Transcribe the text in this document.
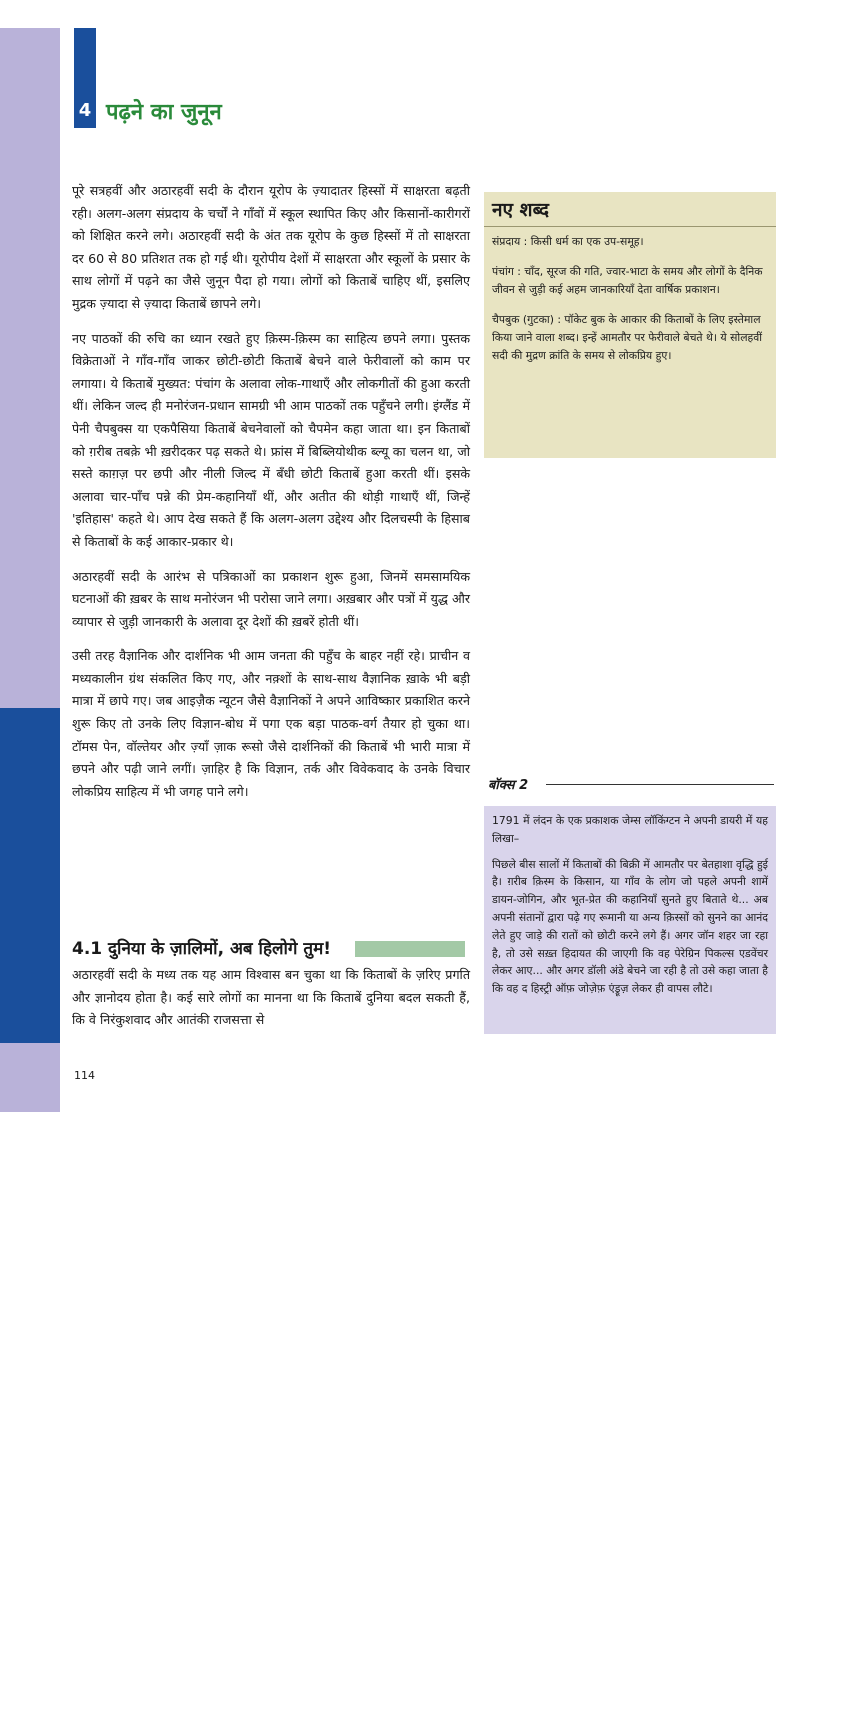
भारत और समकालीन विश्व
4 पढ़ने का जुनून

पूरे सत्रहवीं और अठारहवीं सदी के दौरान यूरोप के ज़्यादातर हिस्सों में साक्षरता बढ़ती रही। अलग-अलग संप्रदाय के चर्चों ने गाँवों में स्कूल स्थापित किए और किसानों-कारीगरों को शिक्षित करने लगे। अठारहवीं सदी के अंत तक यूरोप के कुछ हिस्सों में तो साक्षरता दर 60 से 80 प्रतिशत तक हो गई थी। यूरोपीय देशों में साक्षरता और स्कूलों के प्रसार के साथ लोगों में पढ़ने का जैसे जुनून पैदा हो गया। लोगों को किताबें चाहिए थीं, इसलिए मुद्रक ज़्यादा से ज़्यादा किताबें छापने लगे।

नए पाठकों की रुचि का ध्यान रखते हुए क़िस्म-क़िस्म का साहित्य छपने लगा। पुस्तक विक्रेताओं ने गाँव-गाँव जाकर छोटी-छोटी किताबें बेचने वाले फेरीवालों को काम पर लगाया। ये किताबें मुख्यत: पंचांग के अलावा लोक-गाथाएँ और लोकगीतों की हुआ करती थीं। लेकिन जल्द ही मनोरंजन-प्रधान सामग्री भी आम पाठकों तक पहुँचने लगी। इंग्लैंड में पेनी चैपबुक्स या एकपैसिया किताबें बेचनेवालों को चैपमेन कहा जाता था। इन किताबों को ग़रीब तबक़े भी ख़रीदकर पढ़ सकते थे। फ्रांस में बिब्लियोथीक ब्ल्यू का चलन था, जो सस्ते काग़ज़ पर छपी और नीली जिल्द में बँधी छोटी किताबें हुआ करती थीं। इसके अलावा चार-पाँच पन्ने की प्रेम-कहानियाँ थीं, और अतीत की थोड़ी गाथाएँ थीं, जिन्हें 'इतिहास' कहते थे। आप देख सकते हैं कि अलग-अलग उद्देश्य और दिलचस्पी के हिसाब से किताबों के कई आकार-प्रकार थे।

अठारहवीं सदी के आरंभ से पत्रिकाओं का प्रकाशन शुरू हुआ, जिनमें समसामयिक घटनाओं की ख़बर के साथ मनोरंजन भी परोसा जाने लगा। अख़बार और पत्रों में युद्ध और व्यापार से जुड़ी जानकारी के अलावा दूर देशों की ख़बरें होती थीं।

उसी तरह वैज्ञानिक और दार्शनिक भी आम जनता की पहुँच के बाहर नहीं रहे। प्राचीन व मध्यकालीन ग्रंथ संकलित किए गए, और नक़्शों के साथ-साथ वैज्ञानिक ख़ाके भी बड़ी मात्रा में छापे गए। जब आइज़ैक न्यूटन जैसे वैज्ञानिकों ने अपने आविष्कार प्रकाशित करने शुरू किए तो उनके लिए विज्ञान-बोध में पगा एक बड़ा पाठक-वर्ग तैयार हो चुका था। टॉमस पेन, वॉल्तेयर और ज़्याँ ज़ाक रूसो जैसे दार्शनिकों की किताबें भी भारी मात्रा में छपने और पढ़ी जाने लगीं। ज़ाहिर है कि विज्ञान, तर्क और विवेकवाद के उनके विचार लोकप्रिय साहित्य में भी जगह पाने लगे।

4.1 दुनिया के ज़ालिमों, अब हिलोगे तुम!

अठारहवीं सदी के मध्य तक यह आम विश्वास बन चुका था कि किताबों के ज़रिए प्रगति और ज्ञानोदय होता है। कई सारे लोगों का मानना था कि किताबें दुनिया बदल सकती हैं, कि वे निरंकुशवाद और आतंकी राजसत्ता से

नए शब्द

संप्रदाय : किसी धर्म का एक उप-समूह।

पंचांग : चाँद, सूरज की गति, ज्वार-भाटा के समय और लोगों के दैनिक जीवन से जुड़ी कई अहम जानकारियाँ देता वार्षिक प्रकाशन।

चैपबुक (गुटका) : पॉकेट बुक के आकार की किताबों के लिए इस्तेमाल किया जाने वाला शब्द। इन्हें आमतौर पर फेरीवाले बेचते थे। ये सोलहवीं सदी की मुद्रण क्रांति के समय से लोकप्रिय हुए।

बॉक्स 2

1791 में लंदन के एक प्रकाशक जेम्स लॉकिंग्टन ने अपनी डायरी में यह लिखा–

पिछले बीस सालों में किताबों की बिक्री में आमतौर पर बेतहाशा वृद्धि हुई है। ग़रीब क़िस्म के किसान, या गाँव के लोग जो पहले अपनी शामें डायन-जोगिन, और भूत-प्रेत की कहानियाँ सुनते हुए बिताते थे... अब अपनी संतानों द्वारा पढ़े गए रूमानी या अन्य क़िस्सों को सुनने का आनंद लेते हुए जाड़े की रातों को छोटी करने लगे हैं। अगर जॉन शहर जा रहा है, तो उसे सख़्त हिदायत की जाएगी कि वह पेरेग्रिन पिकल्स एडवेंचर लेकर आए... और अगर डॉली अंडे बेचने जा रही है तो उसे कहा जाता है कि वह द हिस्ट्री ऑफ़ जोज़ेफ़ एंड्रूज़ लेकर ही वापस लौटे।

114
